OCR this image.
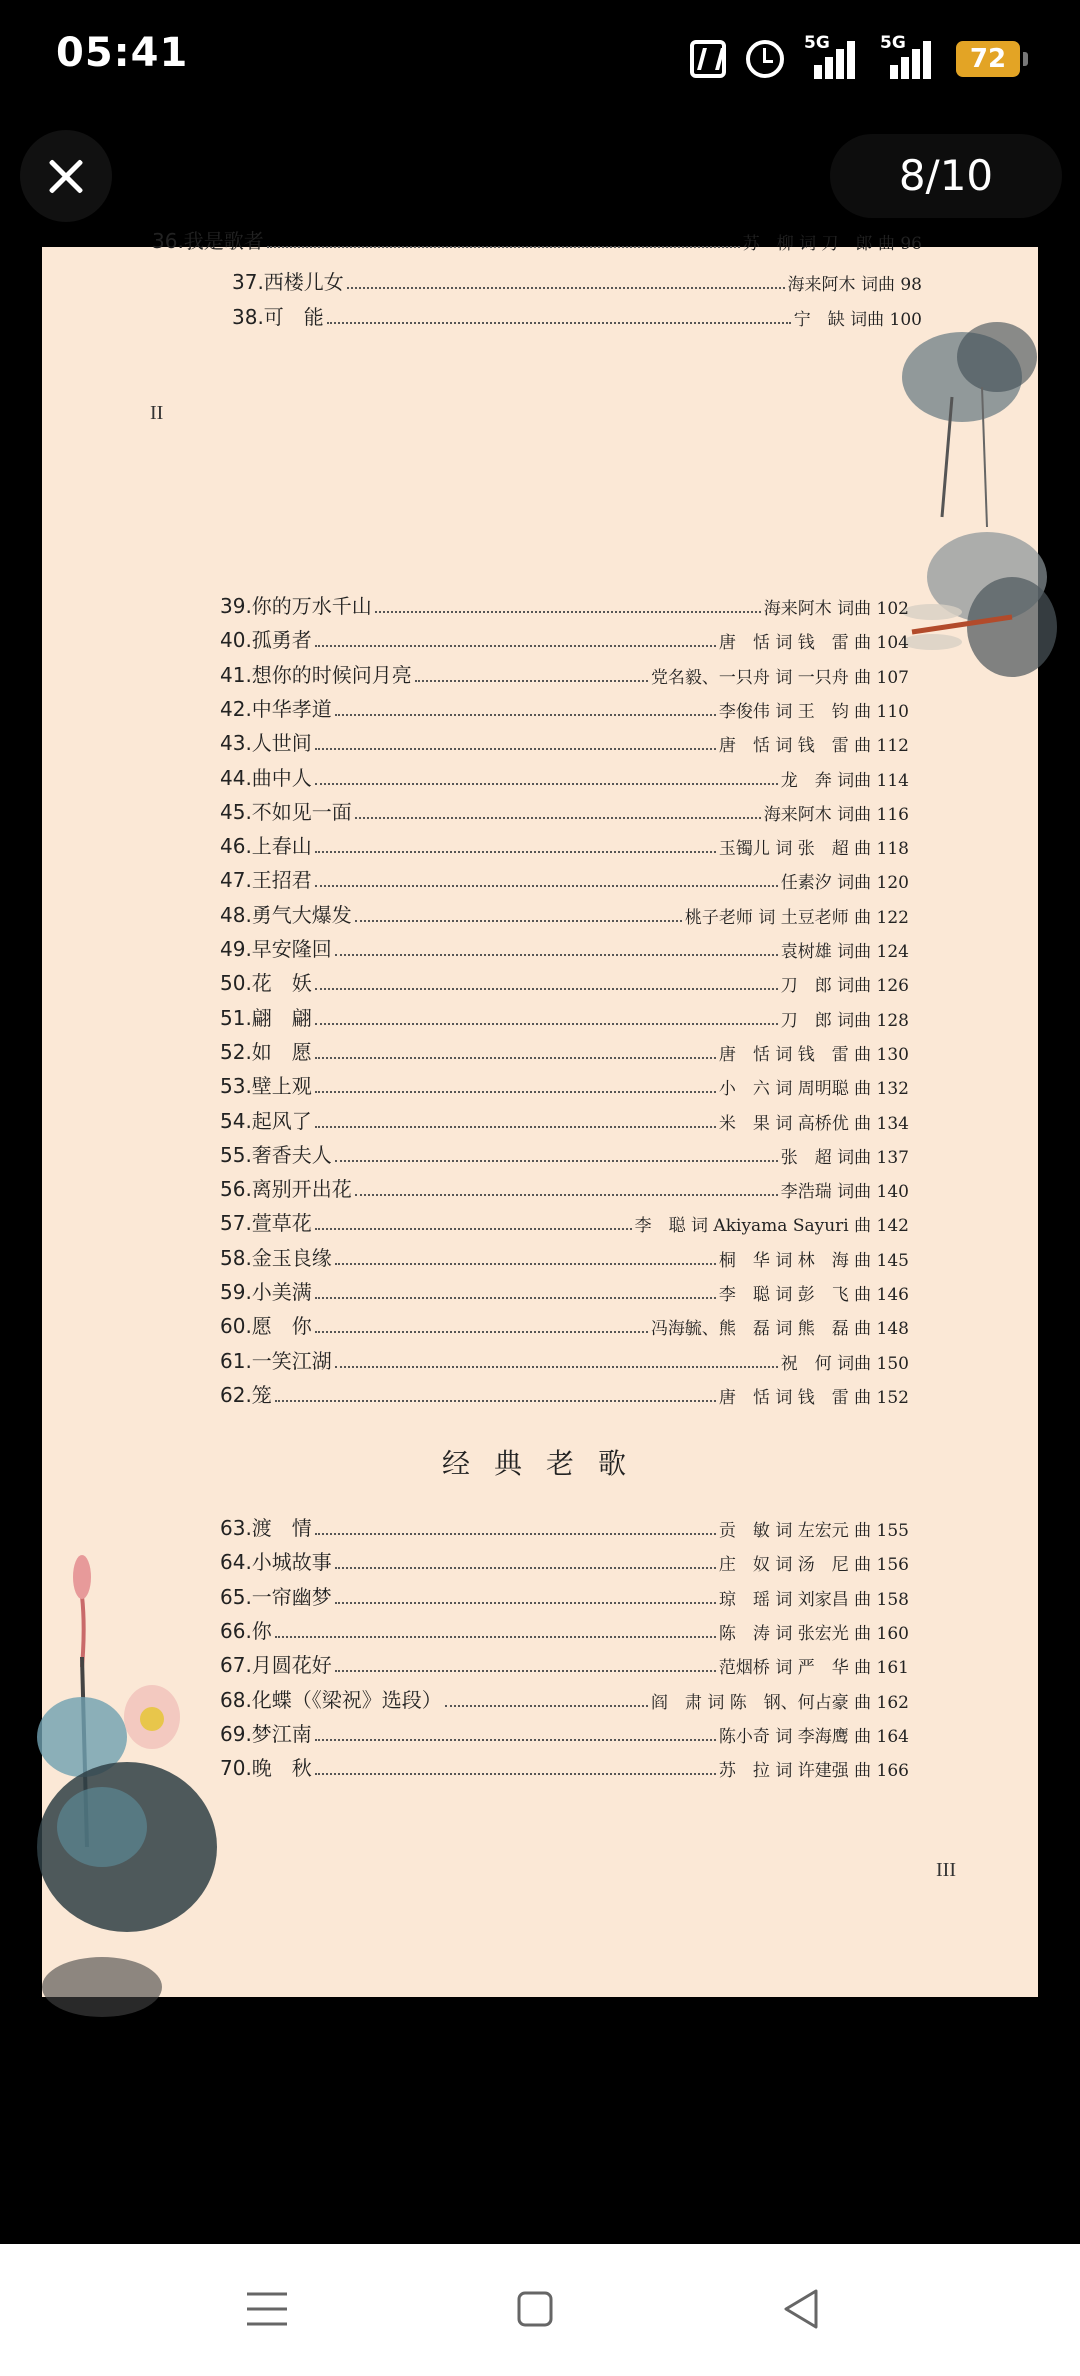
05:41	5G	5G
72
8/10
36.我是歌者	苏　柳 词 刀　郎 曲 96
37.西楼儿女	海来阿木 词曲 98
38.可　能	宁　缺 词曲 100
II
39.你的万水千山	海来阿木 词曲 102
40.孤勇者	唐　恬 词 钱　雷 曲 104
41.想你的时候问月亮	党名毅、一只舟 词 一只舟 曲 107
42.中华孝道	李俊伟 词 王　钧 曲 110
43.人世间	唐　恬 词 钱　雷 曲 112
44.曲中人	龙　奔 词曲 114
45.不如见一面	海来阿木 词曲 116
46.上春山	玉镯儿 词 张　超 曲 118
47.王招君	任素汐 词曲 120
48.勇气大爆发	桃子老师 词 土豆老师 曲 122
49.早安隆回	袁树雄 词曲 124
50.花　妖	刀　郎 词曲 126
51.翩　翩	刀　郎 词曲 128
52.如　愿	唐　恬 词 钱　雷 曲 130
53.壁上观	小　六 词 周明聪 曲 132
54.起风了	米　果 词 高桥优 曲 134
55.奢香夫人	张　超 词曲 137
56.离别开出花	李浩瑞 词曲 140
57.萱草花	李　聪 词 Akiyama Sayuri 曲 142
58.金玉良缘	桐　华 词 林　海 曲 145
59.小美满	李　聪 词 彭　飞 曲 146
60.愿　你	冯海毓、熊　磊 词 熊　磊 曲 148
61.一笑江湖	祝　何 词曲 150
62.笼	唐　恬 词 钱　雷 曲 152
经典老歌
63.渡　情	贡　敏 词 左宏元 曲 155
64.小城故事	庄　奴 词 汤　尼 曲 156
65.一帘幽梦	琼　瑶 词 刘家昌 曲 158
66.你	陈　涛 词 张宏光 曲 160
67.月圆花好	范烟桥 词 严　华 曲 161
68.化蝶（《梁祝》选段）	阎　肃 词 陈　钢、何占豪 曲 162
69.梦江南	陈小奇 词 李海鹰 曲 164
70.晚　秋	苏　拉 词 许建强 曲 166
III
